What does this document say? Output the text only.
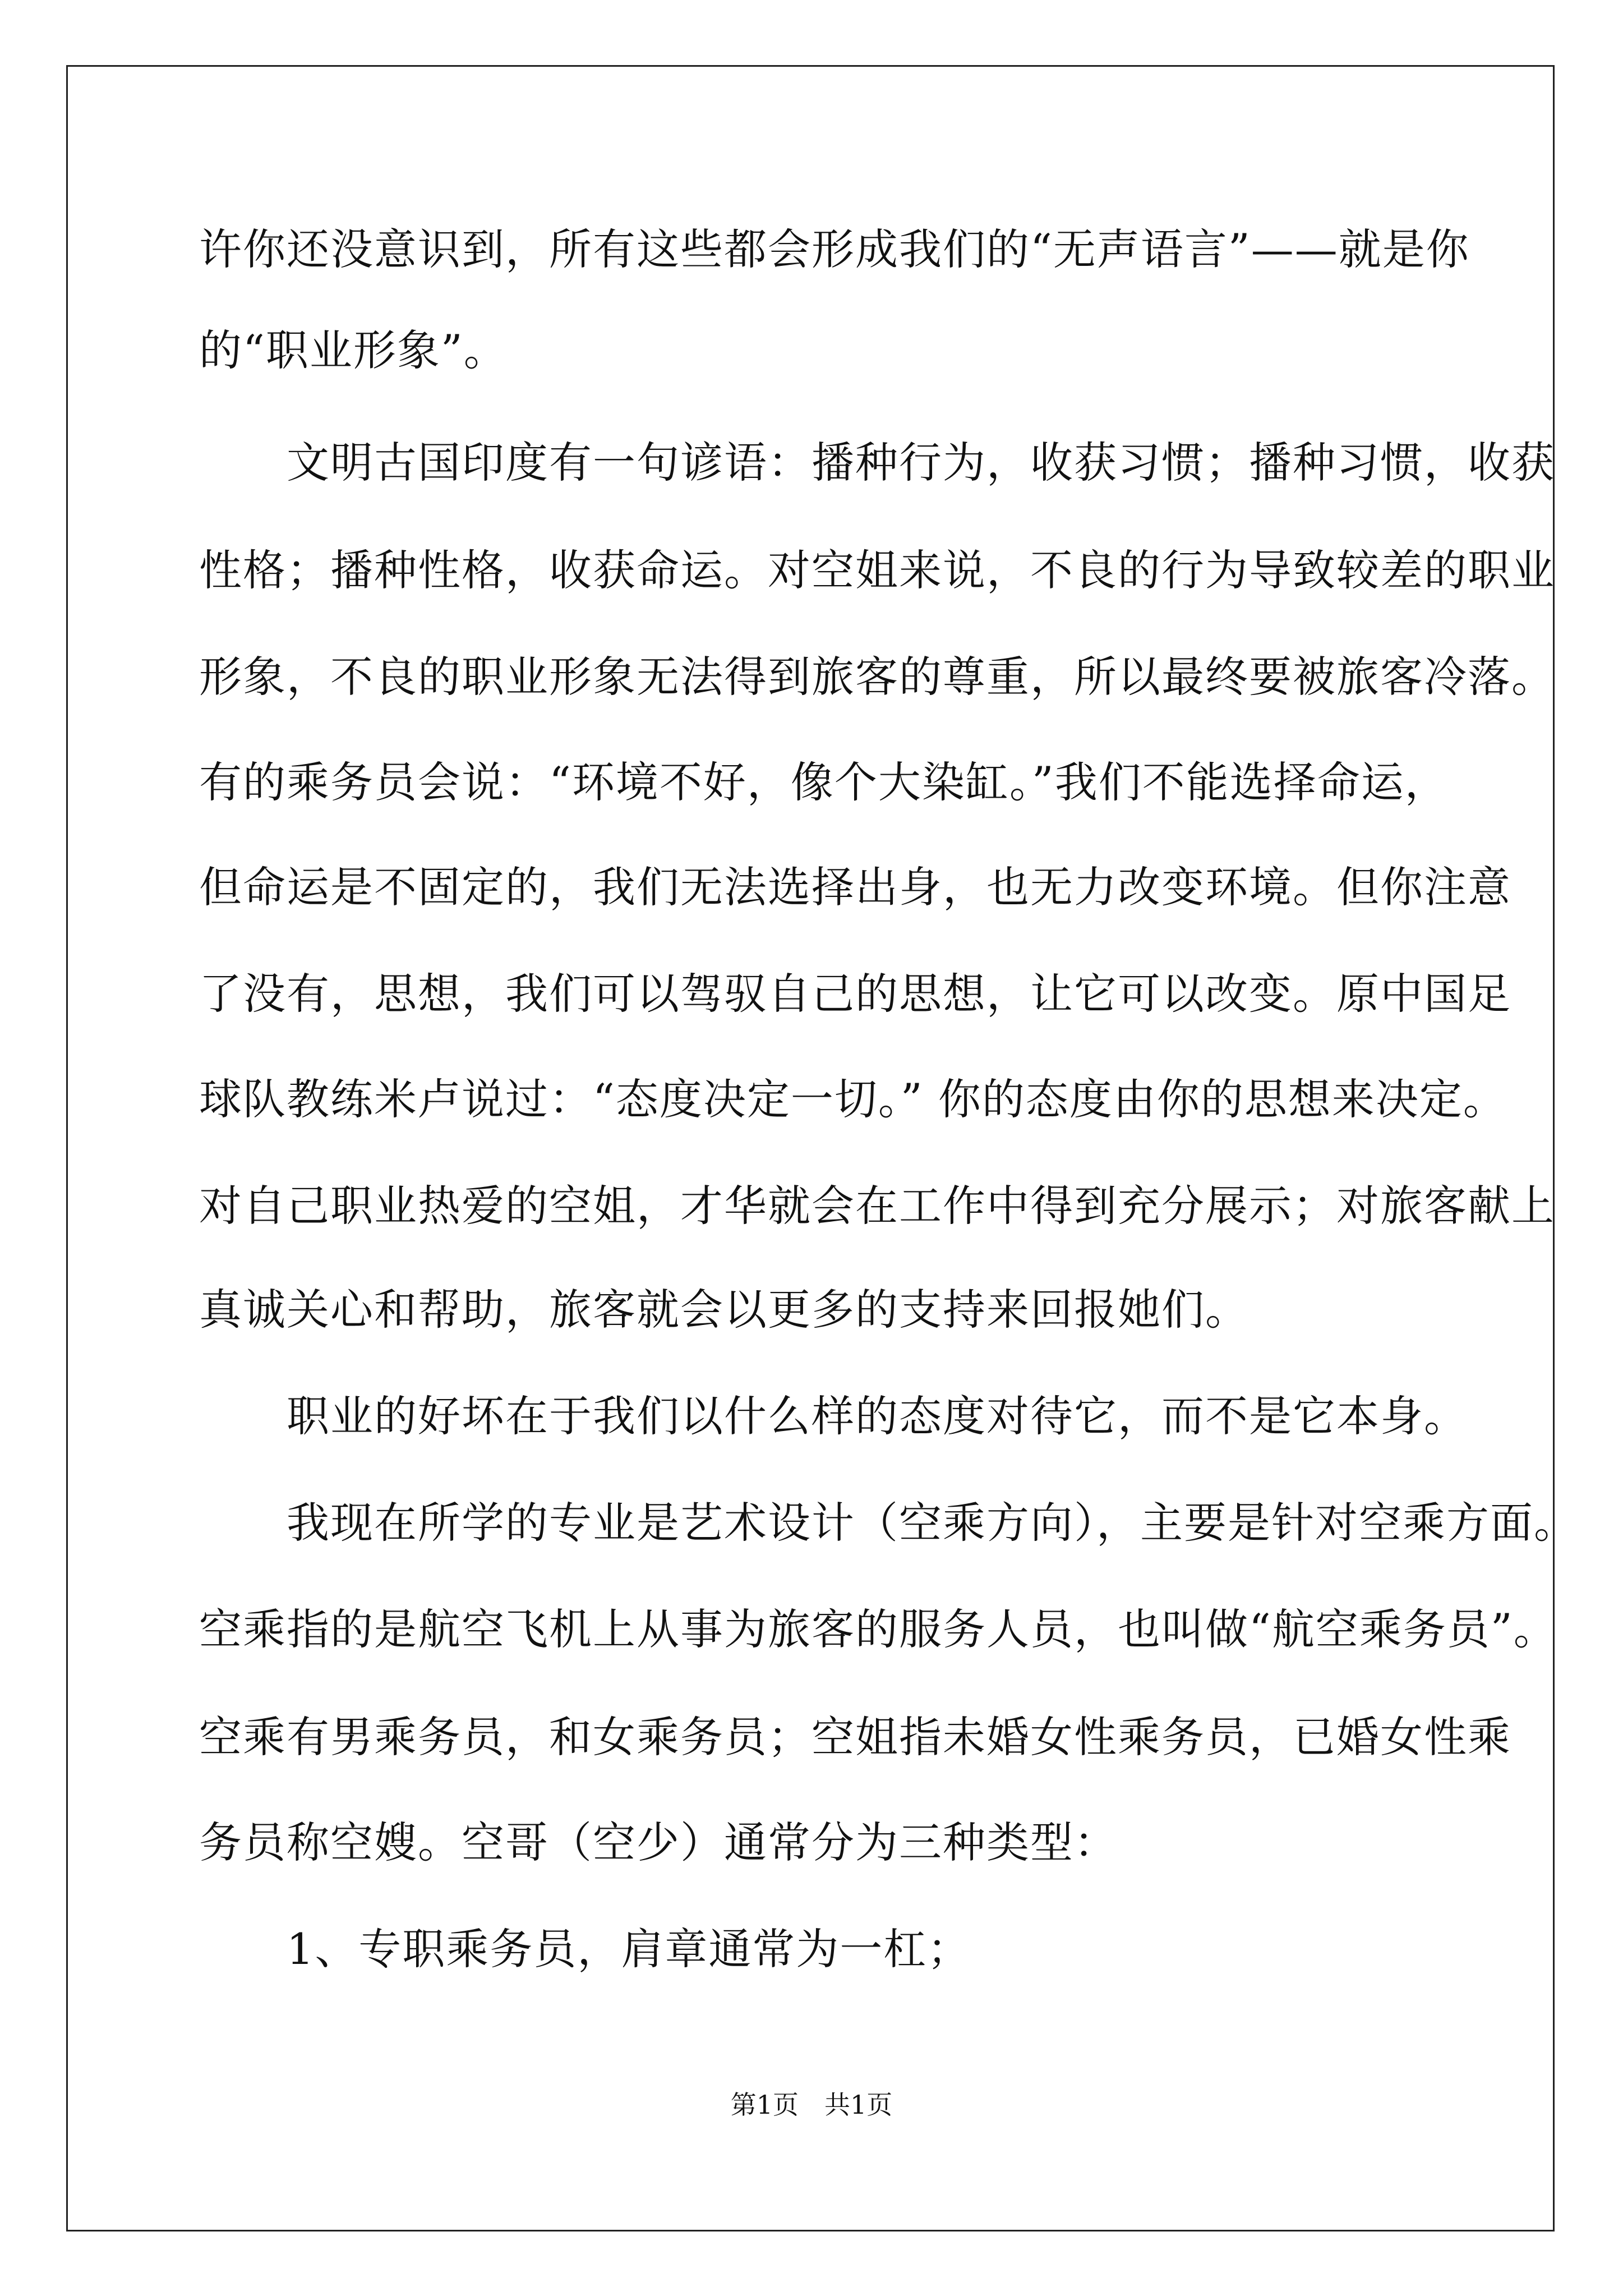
许你还没意识到，所有这些都会形成我们的“无声语言”——就是你
的“职业形象”。
　　文明古国印度有一句谚语：播种行为，收获习惯；播种习惯，收获
性格；播种性格，收获命运。对空姐来说，不良的行为导致较差的职业
形象，不良的职业形象无法得到旅客的尊重，所以最终要被旅客冷落。
有的乘务员会说：“环境不好，像个大染缸。”我们不能选择命运，
但命运是不固定的，我们无法选择出身，也无力改变环境。但你注意
了没有，思想，我们可以驾驭自己的思想，让它可以改变。原中国足
球队教练米卢说过：“态度决定一切。” 你的态度由你的思想来决定。
对自己职业热爱的空姐，才华就会在工作中得到充分展示；对旅客献上
真诚关心和帮助，旅客就会以更多的支持来回报她们。
　　职业的好坏在于我们以什么样的态度对待它，而不是它本身。
　　我现在所学的专业是艺术设计（空乘方向），主要是针对空乘方面。
空乘指的是航空飞机上从事为旅客的服务人员，也叫做“航空乘务员”。
空乘有男乘务员，和女乘务员；空姐指未婚女性乘务员，已婚女性乘
务员称空嫂。空哥（空少）通常分为三种类型：
　　1、专职乘务员，肩章通常为一杠；
第1页　共1页
